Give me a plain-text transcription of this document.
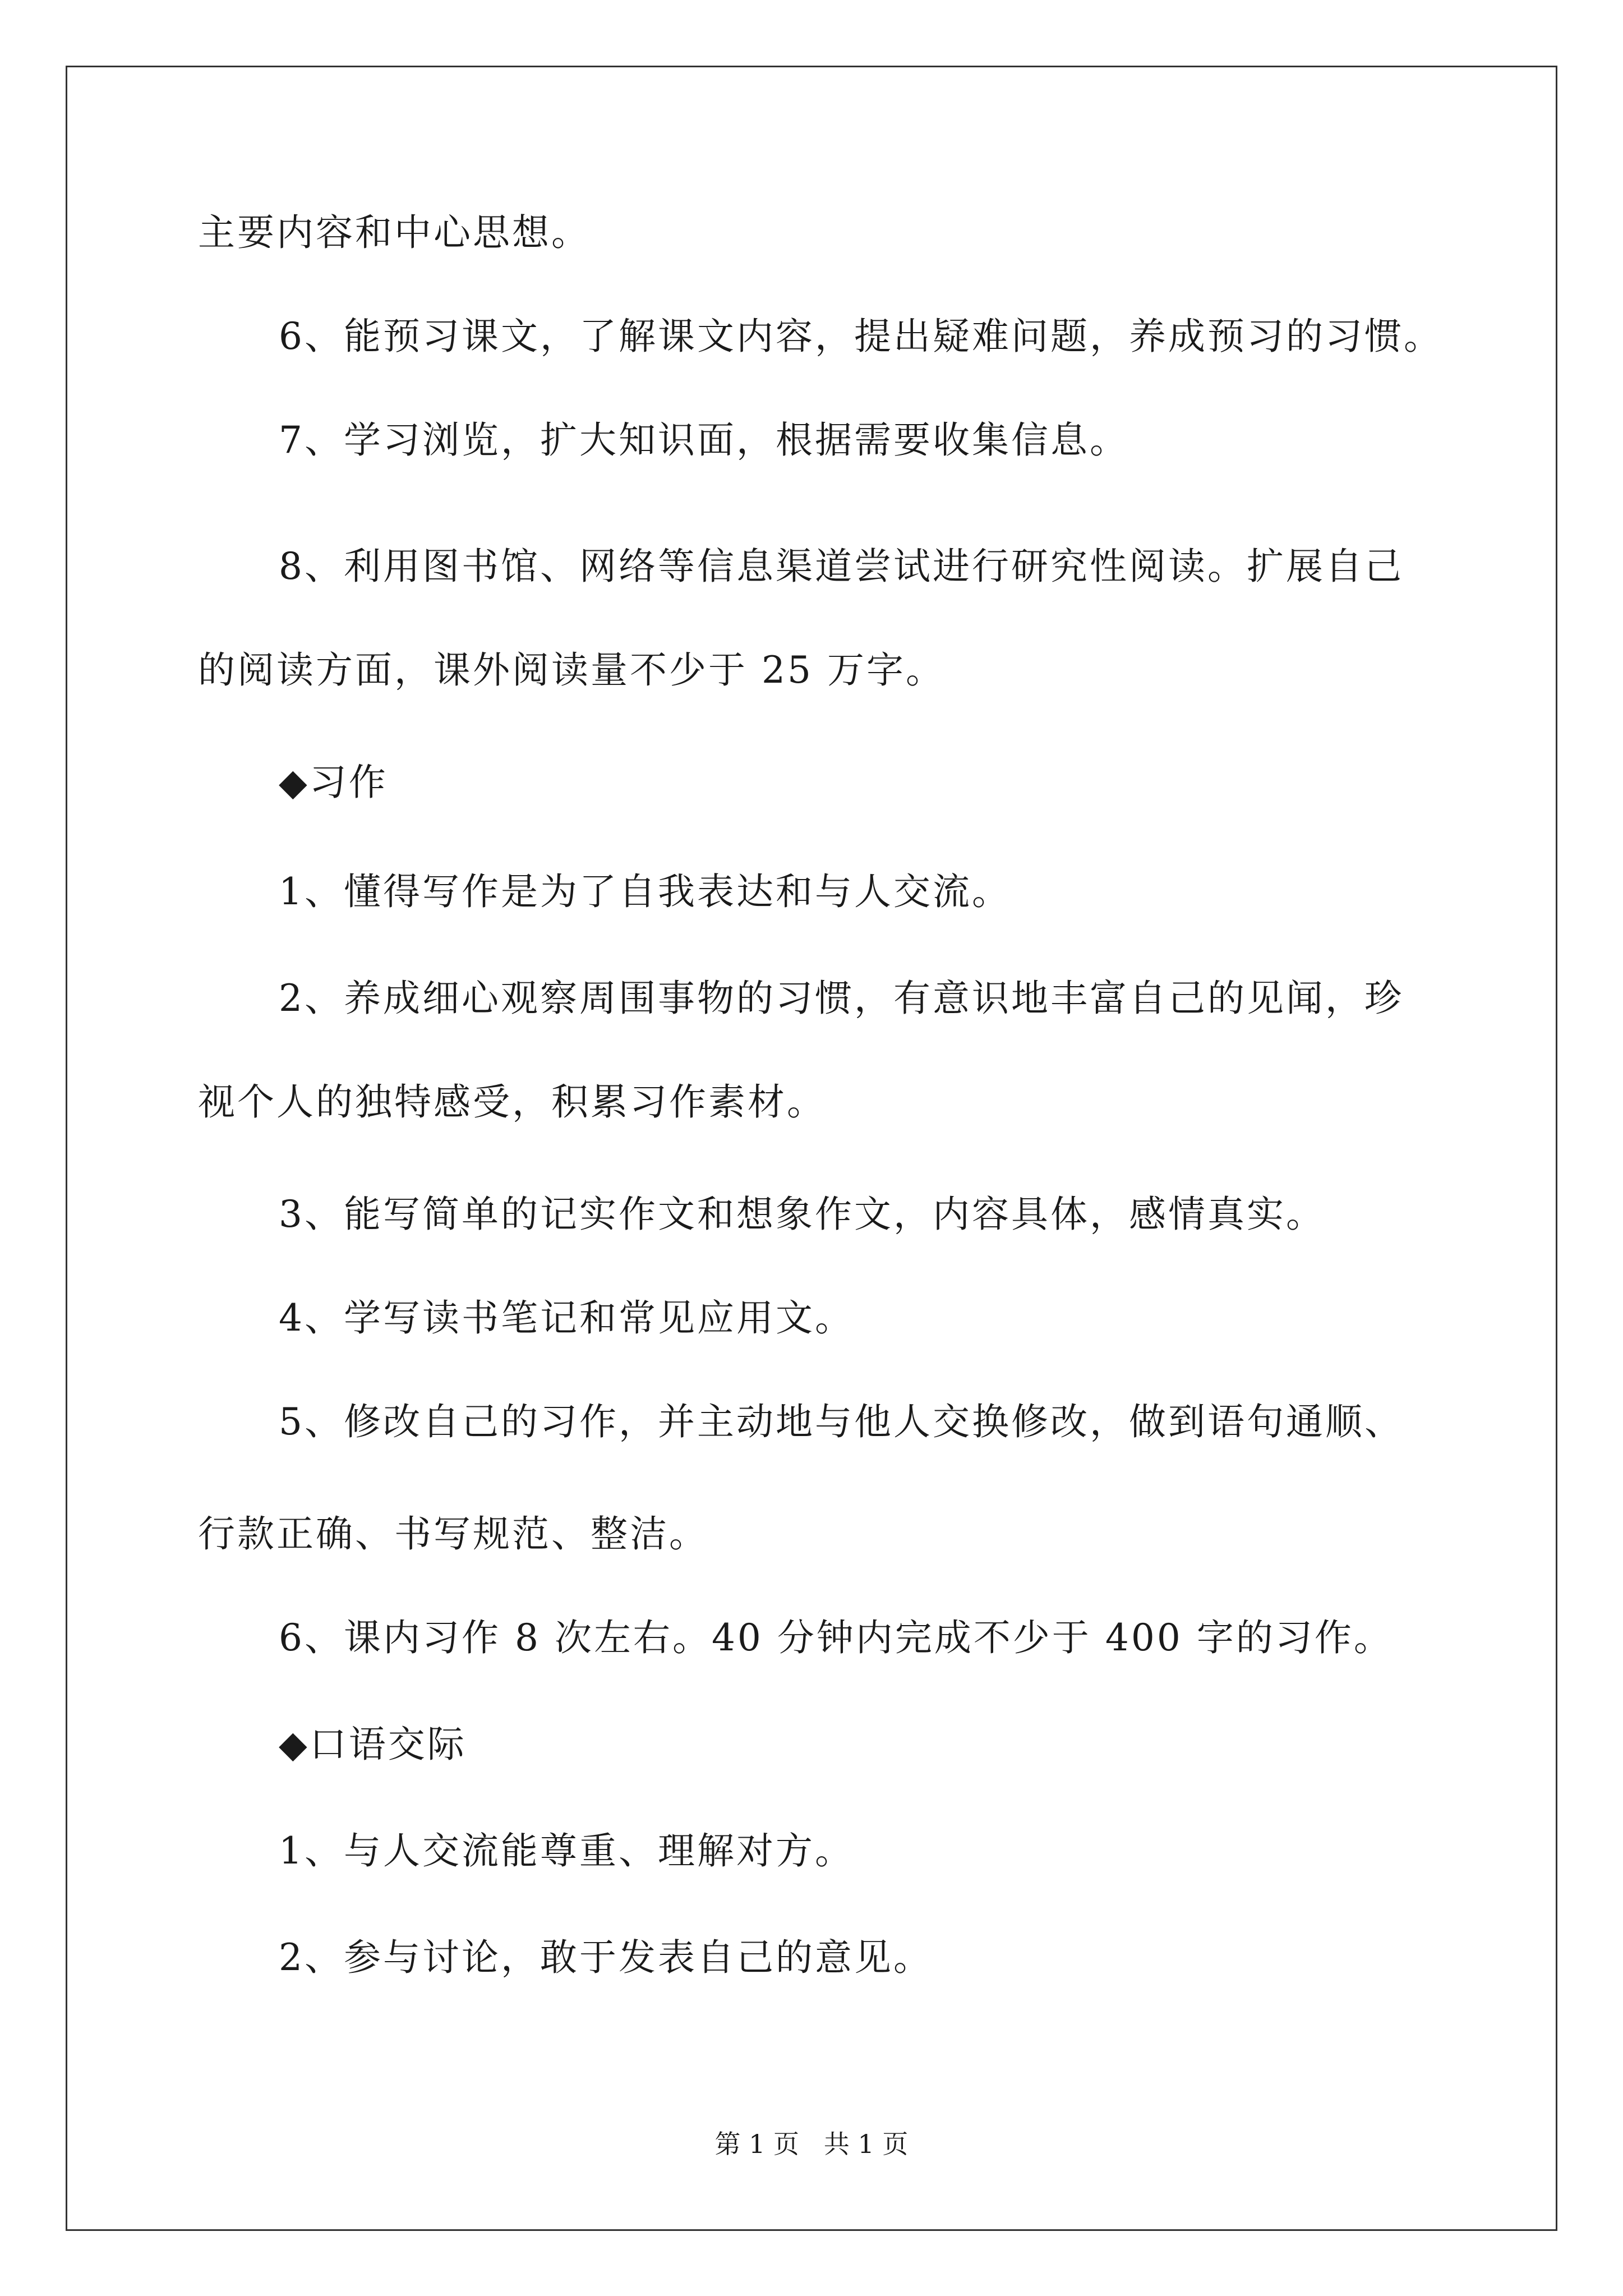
主要内容和中心思想。
6、能预习课文，了解课文内容，提出疑难问题，养成预习的习惯。
7、学习浏览，扩大知识面，根据需要收集信息。
8、利用图书馆、网络等信息渠道尝试进行研究性阅读。扩展自己
的阅读方面，课外阅读量不少于 25 万字。
◆习作
1、懂得写作是为了自我表达和与人交流。
2、养成细心观察周围事物的习惯，有意识地丰富自己的见闻，珍
视个人的独特感受，积累习作素材。
3、能写简单的记实作文和想象作文，内容具体，感情真实。
4、学写读书笔记和常见应用文。
5、修改自己的习作，并主动地与他人交换修改，做到语句通顺、
行款正确、书写规范、整洁。
6、课内习作 8 次左右。40 分钟内完成不少于 400 字的习作。
◆口语交际
1、与人交流能尊重、理解对方。
2、参与讨论，敢于发表自己的意见。
第 1 页   共 1 页
